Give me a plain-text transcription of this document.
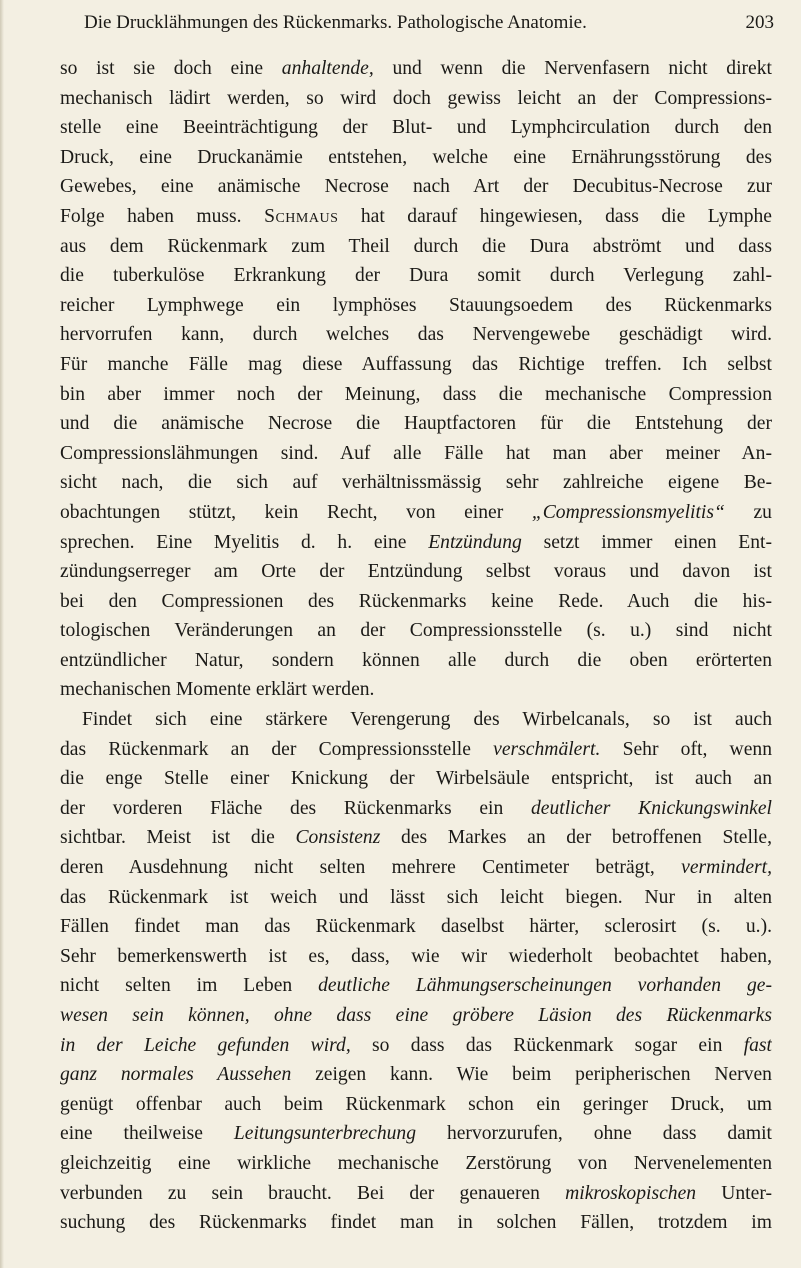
Die Drucklähmungen des Rückenmarks. Pathologische Anatomie.	203
so ist sie doch eine anhaltende, und wenn die Nervenfasern nicht direkt
mechanisch lädirt werden, so wird doch gewiss leicht an der Compressions-
stelle eine Beeinträchtigung der Blut- und Lymphcirculation durch den
Druck, eine Druckanämie entstehen, welche eine Ernährungsstörung des
Gewebes, eine anämische Necrose nach Art der Decubitus-Necrose zur
Folge haben muss. Schmaus hat darauf hingewiesen, dass die Lymphe
aus dem Rückenmark zum Theil durch die Dura abströmt und dass
die tuberkulöse Erkrankung der Dura somit durch Verlegung zahl-
reicher Lymphwege ein lymphöses Stauungsoedem des Rückenmarks
hervorrufen kann, durch welches das Nervengewebe geschädigt wird.
Für manche Fälle mag diese Auffassung das Richtige treffen. Ich selbst
bin aber immer noch der Meinung, dass die mechanische Compression
und die anämische Necrose die Hauptfactoren für die Entstehung der
Compressionslähmungen sind. Auf alle Fälle hat man aber meiner An-
sicht nach, die sich auf verhältnissmässig sehr zahlreiche eigene Be-
obachtungen stützt, kein Recht, von einer „Compressionsmyelitis“ zu
sprechen. Eine Myelitis d. h. eine Entzündung setzt immer einen Ent-
zündungserreger am Orte der Entzündung selbst voraus und davon ist
bei den Compressionen des Rückenmarks keine Rede. Auch die his-
tologischen Veränderungen an der Compressionsstelle (s. u.) sind nicht
entzündlicher Natur, sondern können alle durch die oben erörterten
mechanischen Momente erklärt werden.
Findet sich eine stärkere Verengerung des Wirbelcanals, so ist auch
das Rückenmark an der Compressionsstelle verschmälert. Sehr oft, wenn
die enge Stelle einer Knickung der Wirbelsäule entspricht, ist auch an
der vorderen Fläche des Rückenmarks ein deutlicher Knickungswinkel
sichtbar. Meist ist die Consistenz des Markes an der betroffenen Stelle,
deren Ausdehnung nicht selten mehrere Centimeter beträgt, vermindert,
das Rückenmark ist weich und lässt sich leicht biegen. Nur in alten
Fällen findet man das Rückenmark daselbst härter, sclerosirt (s. u.).
Sehr bemerkenswerth ist es, dass, wie wir wiederholt beobachtet haben,
nicht selten im Leben deutliche Lähmungserscheinungen vorhanden ge-
wesen sein können, ohne dass eine gröbere Läsion des Rückenmarks
in der Leiche gefunden wird, so dass das Rückenmark sogar ein fast
ganz normales Aussehen zeigen kann. Wie beim peripherischen Nerven
genügt offenbar auch beim Rückenmark schon ein geringer Druck, um
eine theilweise Leitungsunterbrechung hervorzurufen, ohne dass damit
gleichzeitig eine wirkliche mechanische Zerstörung von Nervenelementen
verbunden zu sein braucht. Bei der genaueren mikroskopischen Unter-
suchung des Rückenmarks findet man in solchen Fällen, trotzdem im
